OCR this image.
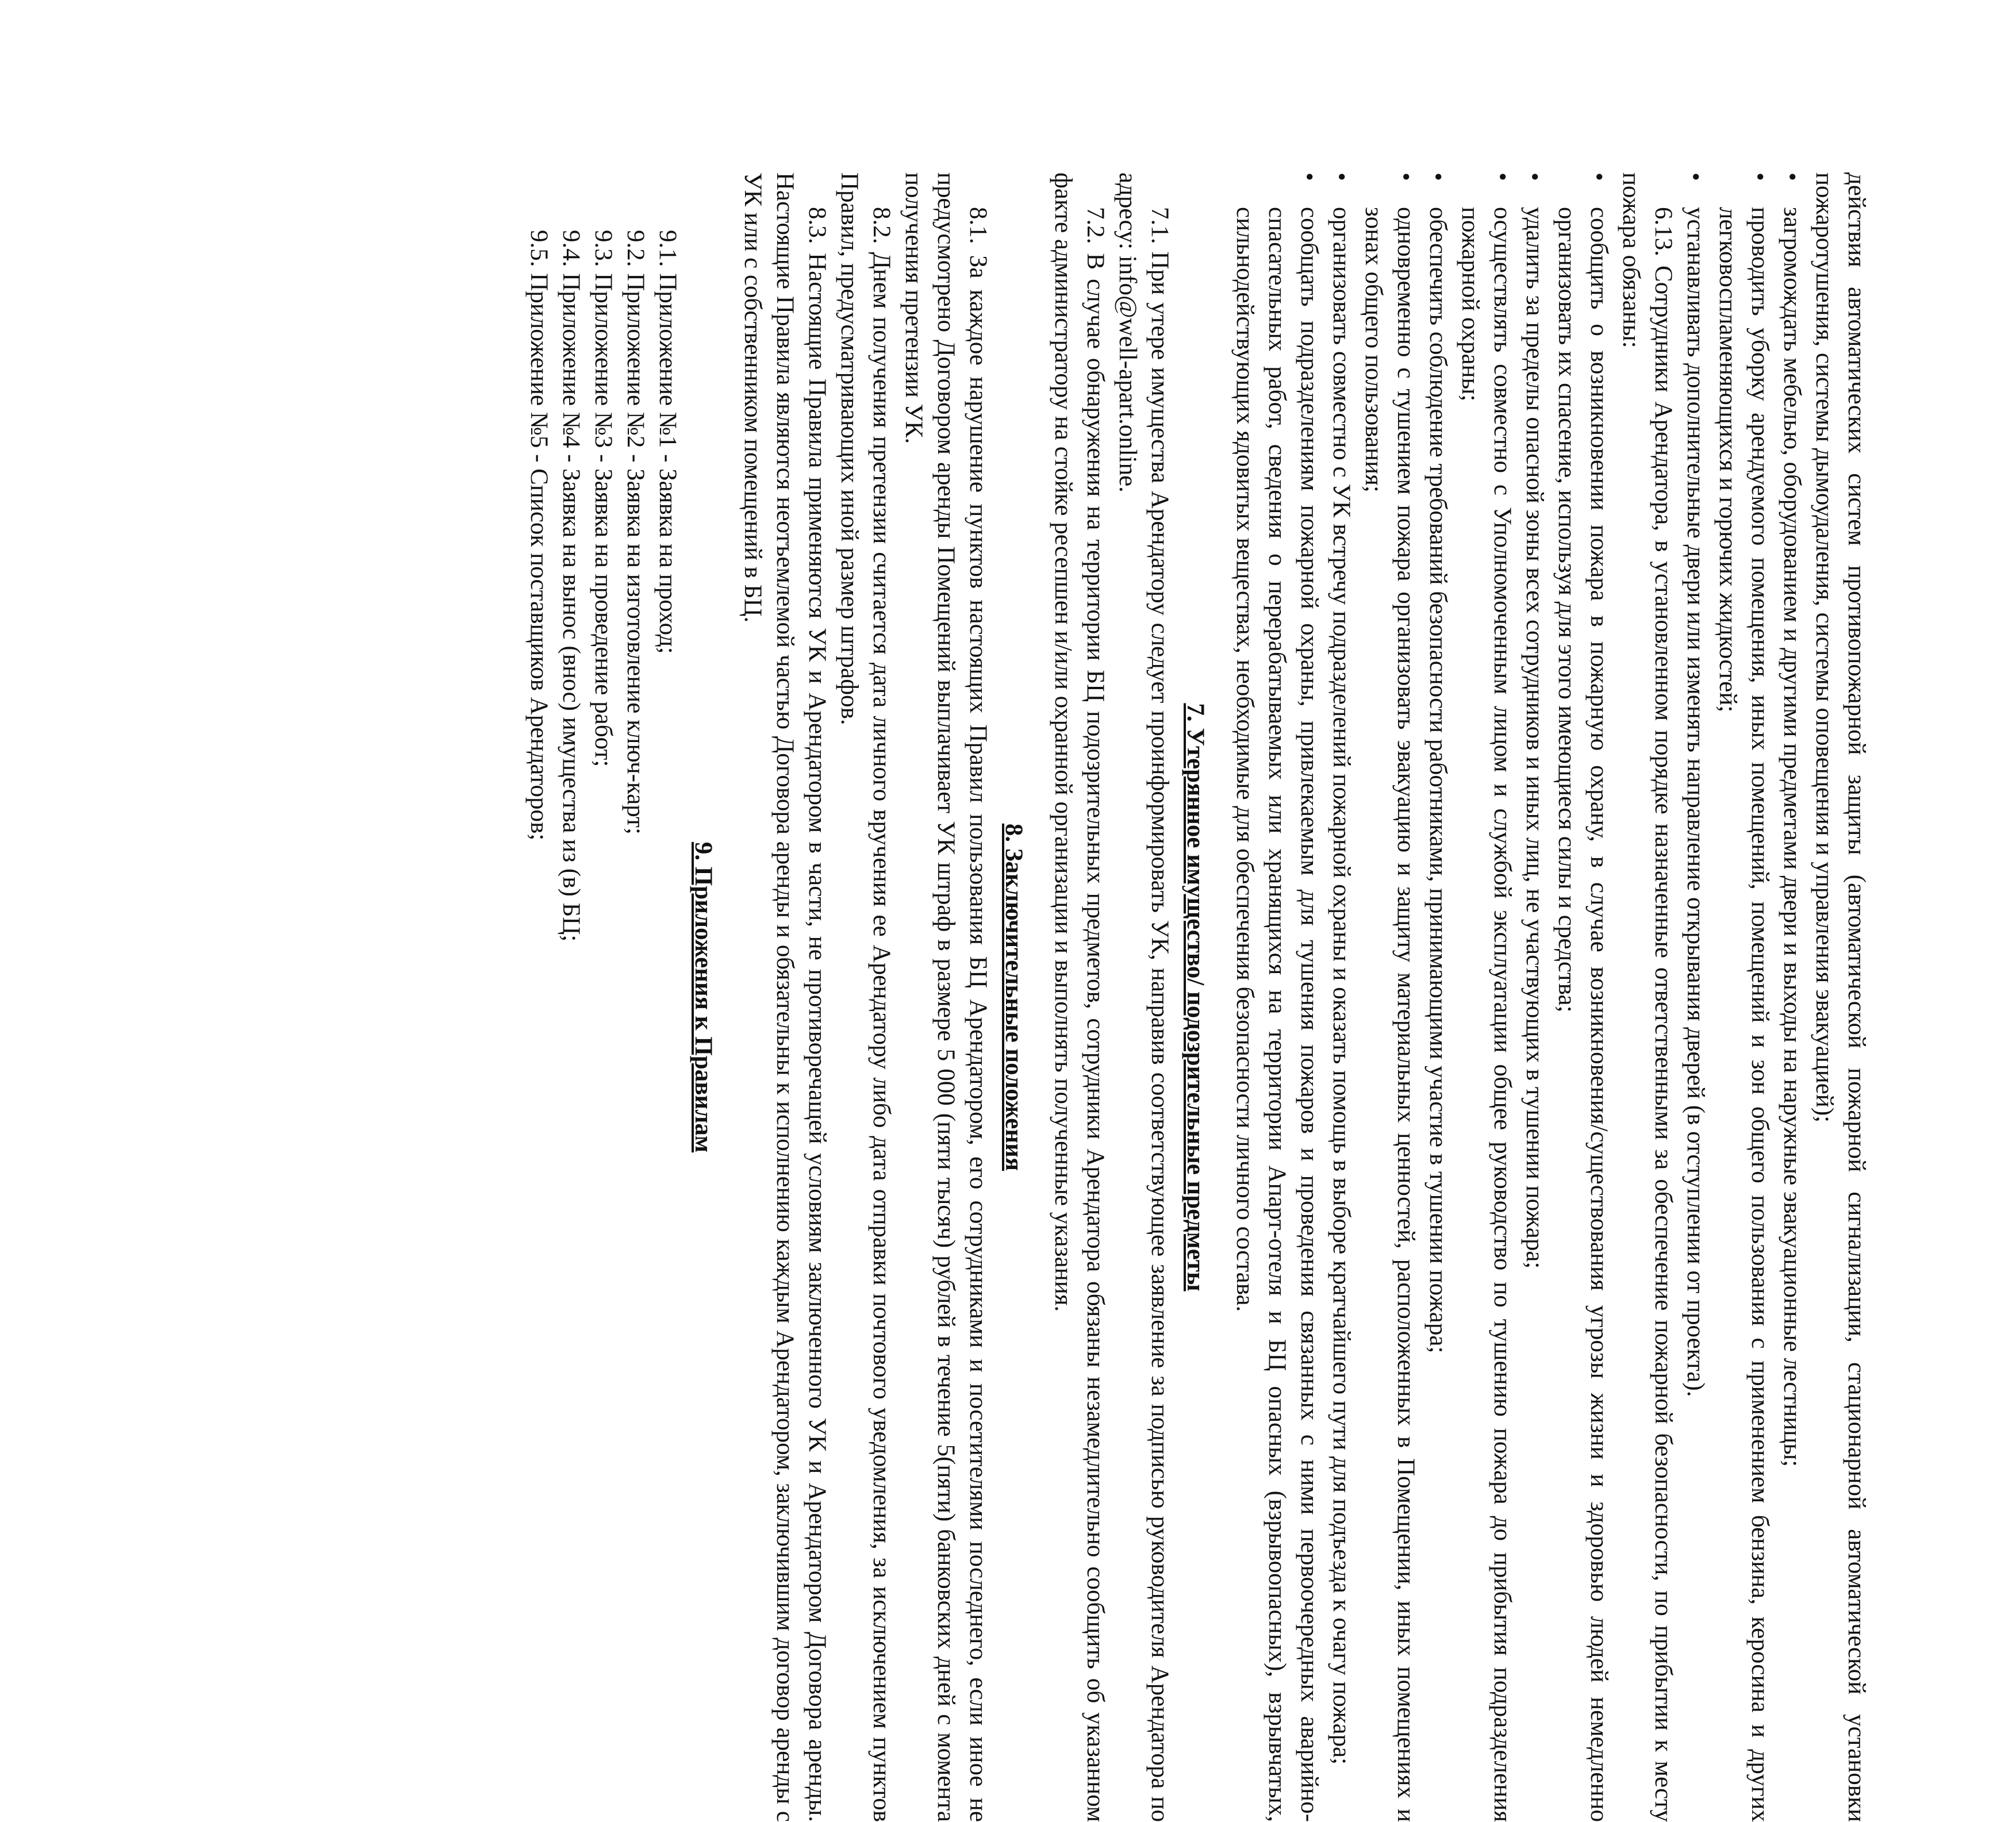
действия автоматических систем противопожарной защиты (автоматической пожарной сигнализации, стационарной автоматической установки пожаротушения, системы дымоудаления, системы оповещения и управления эвакуацией);

• загромождать мебелью, оборудованием и другими предметами двери и выходы на наружные эвакуационные лестницы;

• проводить уборку арендуемого помещения, иных помещений, помещений и зон общего пользования с применением бензина, керосина и других легковоспламеняющихся и горючих жидкостей;

• устанавливать дополнительные двери или изменять направление открывания дверей (в отступлении от проекта).

6.13. Сотрудники Арендатора, в установленном порядке назначенные ответственными за обеспечение пожарной безопасности, по прибытии к месту пожара обязаны:

• сообщить о возникновении пожара в пожарную охрану, в случае возникновения/существования угрозы жизни и здоровью людей немедленно организовать их спасение, используя для этого имеющиеся силы и средства;

• удалить за пределы опасной зоны всех сотрудников и иных лиц, не участвующих в тушении пожара;

• осуществлять совместно с Уполномоченным лицом и службой эксплуатации общее руководство по тушению пожара до прибытия подразделения пожарной охраны;

• обеспечить соблюдение требований безопасности работниками, принимающими участие в тушении пожара;

• одновременно с тушением пожара организовать эвакуацию и защиту материальных ценностей, расположенных в Помещении, иных помещениях и зонах общего пользования;

• организовать совместно с УК встречу подразделений пожарной охраны и оказать помощь в выборе кратчайшего пути для подъезда к очагу пожара;

• сообщать подразделениям пожарной охраны, привлекаемым для тушения пожаров и проведения связанных с ними первоочередных аварийно-спасательных работ, сведения о перерабатываемых или хранящихся на территории Апарт-отеля и БЦ опасных (взрывоопасных), взрывчатых, сильнодействующих ядовитых веществах, необходимые для обеспечения безопасности личного состава.

7. Утерянное имущество/ подозрительные предметы

7.1. При утере имущества Арендатору следует проинформировать УК, направив соответствующее заявление за подписью руководителя Арендатора по адресу: info@well-apart.online.

7.2. В случае обнаружения на территории БЦ подозрительных предметов, сотрудники Арендатора обязаны незамедлительно сообщить об указанном факте администратору на стойке ресепшен и/или охранной организации и выполнять полученные указания.

8. Заключительные положения

8.1. За каждое нарушение пунктов настоящих Правил пользования БЦ Арендатором, его сотрудниками и посетителями последнего, если иное не предусмотрено Договором аренды Помещений выплачивает УК штраф в размере 5 000 (пяти тысяч) рублей в течение 5(пяти) банковских дней с момента получения претензии УК.

8.2. Днем получения претензии считается дата личного вручения ее Арендатору либо дата отправки почтового уведомления, за исключением пунктов Правил, предусматривающих иной размер штрафов.

8.3. Настоящие Правила применяются УК и Арендатором в части, не противоречащей условиям заключенного УК и Арендатором Договора аренды. Настоящие Правила являются неотъемлемой частью Договора аренды и обязательны к исполнению каждым Арендатором, заключившим договор аренды с УК или с собственником помещений в БЦ.

9. Приложения к Правилам

9.1. Приложение №1 - Заявка на проход;

9.2. Приложение №2 - Заявка на изготовление ключ-карт;

9.3. Приложение №3 - Заявка на проведение работ;

9.4. Приложение №4 - Заявка на вынос (внос) имущества из (в) БЦ;

9.5. Приложение №5 - Список поставщиков Арендаторов;
